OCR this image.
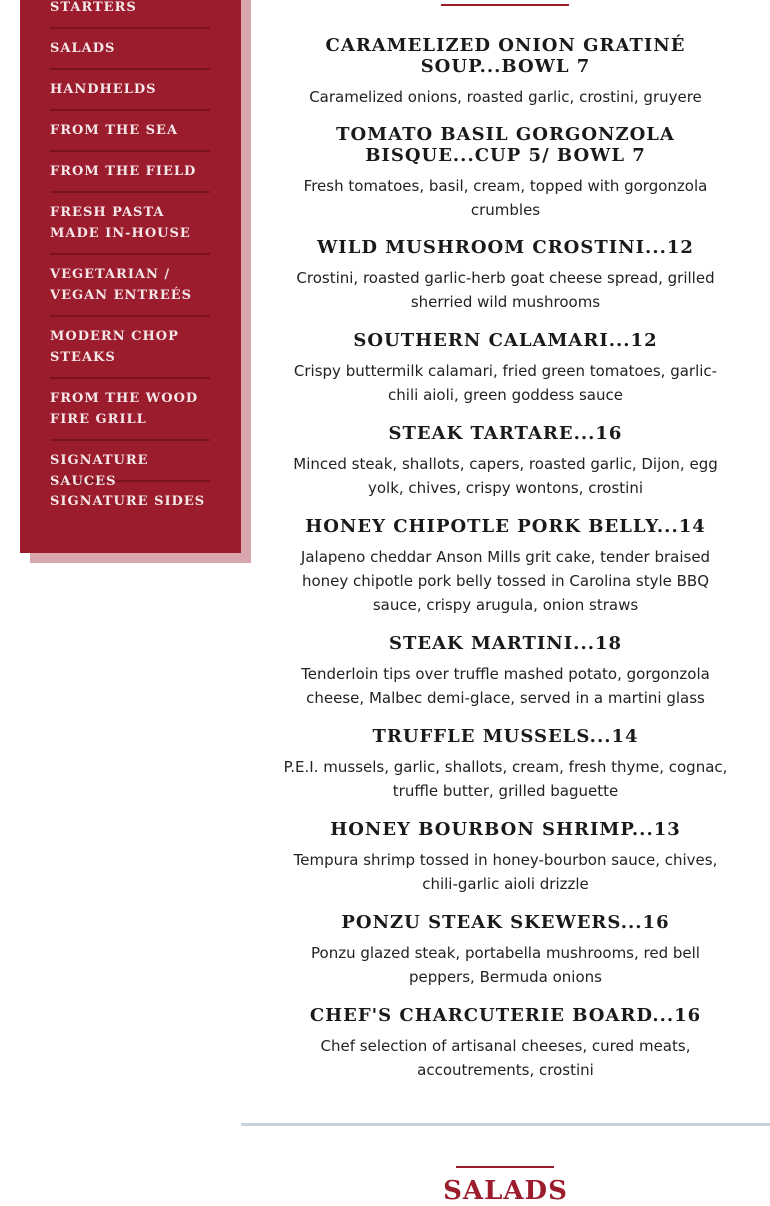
STARTERS
SALADS
HANDHELDS
FROM THE SEA
FROM THE FIELD
FRESH PASTA MADE IN-HOUSE
VEGETARIAN / VEGAN ENTREÉS
MODERN CHOP STEAKS
FROM THE WOOD FIRE GRILL
SIGNATURE SAUCES
SIGNATURE SIDES
CARAMELIZED ONION GRATINÉ SOUP...BOWL 7

Caramelized onions, roasted garlic, crostini, gruyere

TOMATO BASIL GORGONZOLA BISQUE...CUP 5/ BOWL 7

Fresh tomatoes, basil, cream, topped with gorgonzola crumbles

WILD MUSHROOM CROSTINI...12

Crostini, roasted garlic-herb goat cheese spread, grilled sherried wild mushrooms

SOUTHERN CALAMARI...12

Crispy buttermilk calamari, fried green tomatoes, garlic-chili aioli, green goddess sauce

STEAK TARTARE...16

Minced steak, shallots, capers, roasted garlic, Dijon, egg yolk, chives, crispy wontons, crostini

HONEY CHIPOTLE PORK BELLY...14

Jalapeno cheddar Anson Mills grit cake, tender braised honey chipotle pork belly tossed in Carolina style BBQ sauce, crispy arugula, onion straws

STEAK MARTINI...18

Tenderloin tips over truffle mashed potato, gorgonzola cheese, Malbec demi-glace, served in a martini glass

TRUFFLE MUSSELS...14

P.E.I. mussels, garlic, shallots, cream, fresh thyme, cognac, truffle butter, grilled baguette

HONEY BOURBON SHRIMP...13

Tempura shrimp tossed in honey-bourbon sauce, chives, chili-garlic aioli drizzle

PONZU STEAK SKEWERS...16

Ponzu glazed steak, portabella mushrooms, red bell peppers, Bermuda onions

CHEF'S CHARCUTERIE BOARD...16

Chef selection of artisanal cheeses, cured meats, accoutrements, crostini

SALADS
